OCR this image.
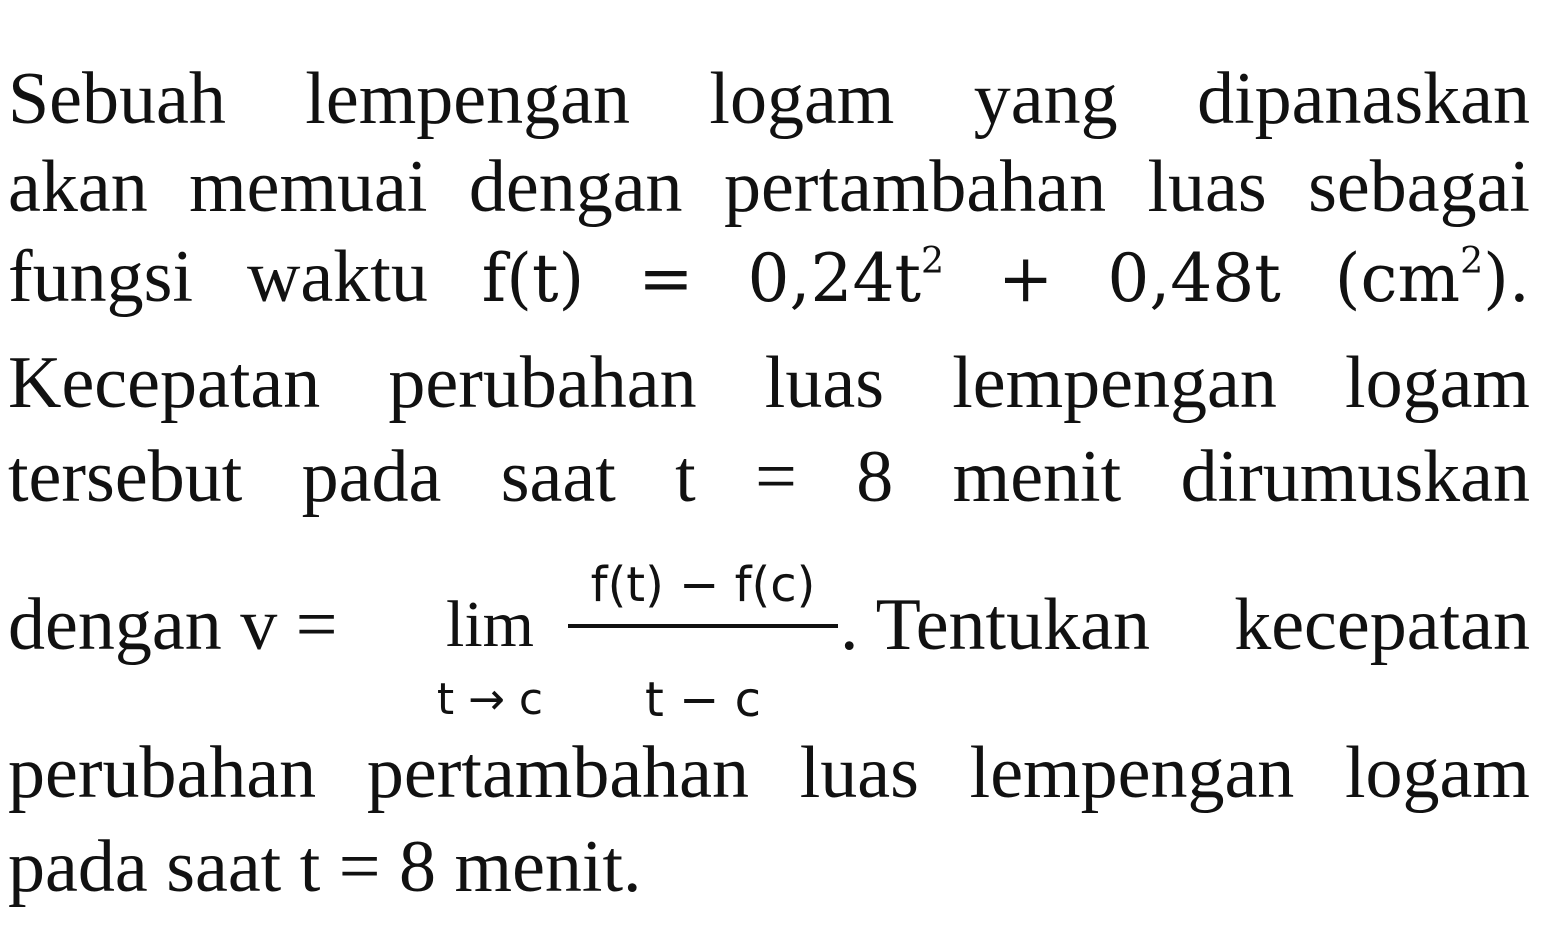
Sebuah lempengan logam yang dipanaskan
akan memuai dengan pertambahan luas sebagai
fungsi waktu $f(t) = 0,24t^2 + 0,48t$ $(cm^2)$.
Kecepatan perubahan luas lempengan logam
tersebut pada saat t = 8 menit dirumuskan
dengan v =	lim
t → c
f(t) − f(c)
t − c
. Tentukan kecepatan
perubahan pertambahan luas lempengan logam
pada saat t = 8 menit.
